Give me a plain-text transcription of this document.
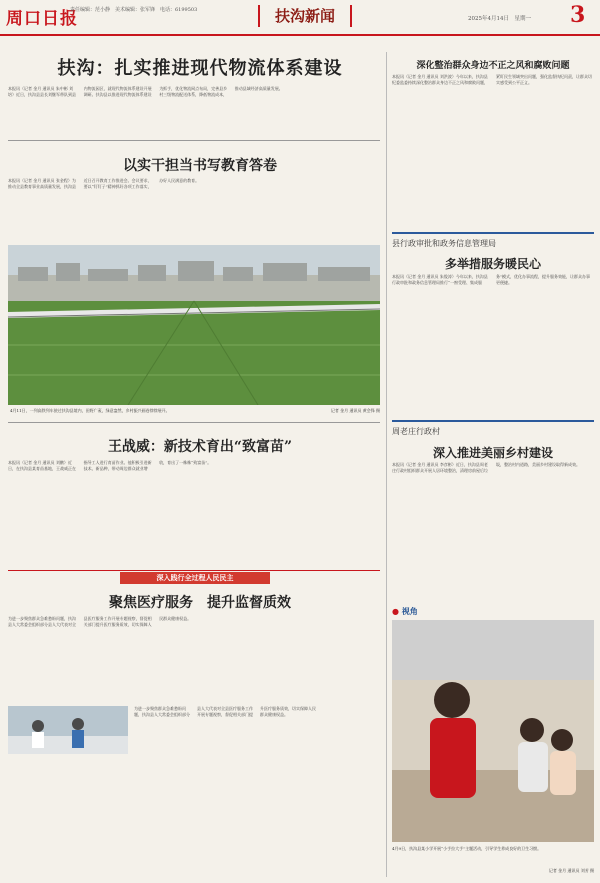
周口日报
责任编辑：范小静　美术编辑：张军锋　电话：6199503	扶沟新闻	2025年4月14日　星期一 3
扶沟：扎实推进现代物流体系建设

本报讯（记者 金月 通讯员 朱中彬 刘培）近日，扶沟县县长刘继军带队到县内物流园区，就现代物流体系建设开展调研。扶沟县以推进现代物流体系建设为抓手，优化物流网点布局，完善县乡村三级物流配送体系，降低物流成本，推动县域经济高质量发展。

以实干担当书写教育答卷

本报讯（记者 金月 通讯员 张金程）为推动全县教育事业高质量发展，扶沟县近日召开教育工作推进会。会议要求，要以“钉钉子”精神抓好各项工作落实，办好人民满意的教育。

4月11日，一列高铁列车驶过扶沟县境内，田野广袤，绿意盎然，乡村振兴画卷徐徐展开。	记者 金月 通讯员 黄会锋 摄
王战威：新技术育出“致富苗”

本报讯（记者 金月 通讯员 刘鹏）近日，在扶沟县某育苗基地，王战威正在指导工人进行育苗作业。他积极引进新技术、新品种，带动周边群众就业增收，育出了一株株“致富苗”。

深入践行全过程人民民主
聚焦医疗服务　提升监督质效

为进一步聚焦群众急难愁盼问题，扶沟县人大常委会组织部分县人大代表对全县医疗服务工作开展专题视察，督促相关部门提升医疗服务质效，切实保障人民群众健康权益。

为进一步聚焦群众急难愁盼问题，扶沟县人大常委会组织部分县人大代表对全县医疗服务工作开展专题视察，督促相关部门提升医疗服务质效，切实保障人民群众健康权益。

深化整治群众身边不正之风和腐败问题

本报讯（记者 金月 通讯员 刘洪波）今年以来，扶沟县纪委监委持续深化整治群众身边不正之风和腐败问题，紧盯民生领域突出问题，强化监督执纪问责，让群众切实感受到公平正义。

县行政审批和政务信息管理局
多举措服务暖民心

本报讯（记者 金月 通讯员 朱俊涛）今年以来，扶沟县行政审批和政务信息管理局推行“一窗受理、集成服务”模式，优化办事流程，提升服务效能，让群众办事更便捷。

周老庄行政村
深入推进美丽乡村建设

本报讯（记者 金月 通讯员 李彦彬）近日，扶沟县周老庄行政村组织群众开展人居环境整治，清理房前屋后垃圾，整治村内道路，美丽乡村建设取得新成效。

● 视角
4月9日，扶沟县某小学开展“小手拉大手”主题活动，引导学生养成良好的卫生习惯。
记者 金月 通讯员 刘芳 摄
